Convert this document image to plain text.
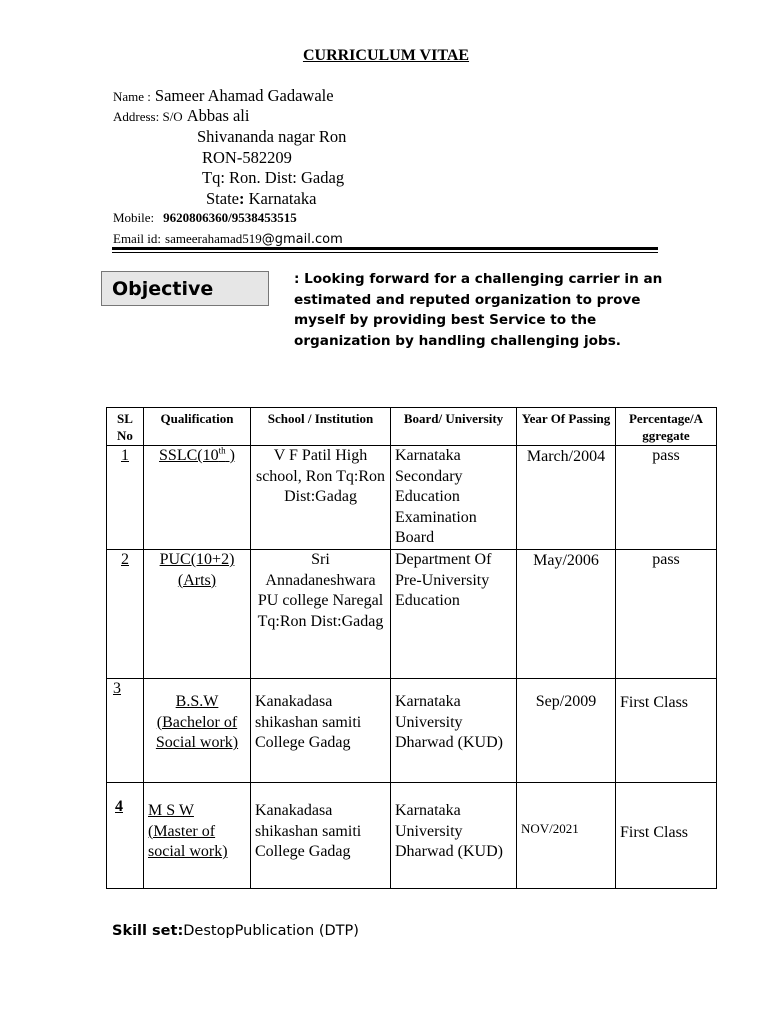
CURRICULUM VITAE
Name : Sameer Ahamad Gadawale
Address: S/O Abbas ali
Shivananda nagar Ron
RON-582209
Tq: Ron. Dist: Gadag
State: Karnataka
Mobile: 9620806360/9538453515
Email id: sameerahamad519@gmail.com
Objective	: Looking forward for a challenging carrier in an estimated and reputed organization to prove myself by providing best Service to the organization by handling challenging jobs.
SL No	Qualification	School / Institution	Board/ University	Year Of Passing	Percentage/A ggregate
1	SSLC(10th )	V F Patil High school, Ron Tq:Ron Dist:Gadag	Karnataka Secondary Education Examination Board	March/2004	pass
2	PUC(10+2) (Arts)	Sri Annadaneshwara PU college Naregal Tq:Ron Dist:Gadag	Department Of Pre-University Education	May/2006	pass
3	B.S.W (Bachelor of Social work)	Kanakadasa shikashan samiti College Gadag	Karnataka University Dharwad (KUD)	Sep/2009	First Class
4	M S W (Master of social work)	Kanakadasa shikashan samiti College Gadag	Karnataka University Dharwad (KUD)	NOV/2021	First Class
Skill set:DestopPublication (DTP)
